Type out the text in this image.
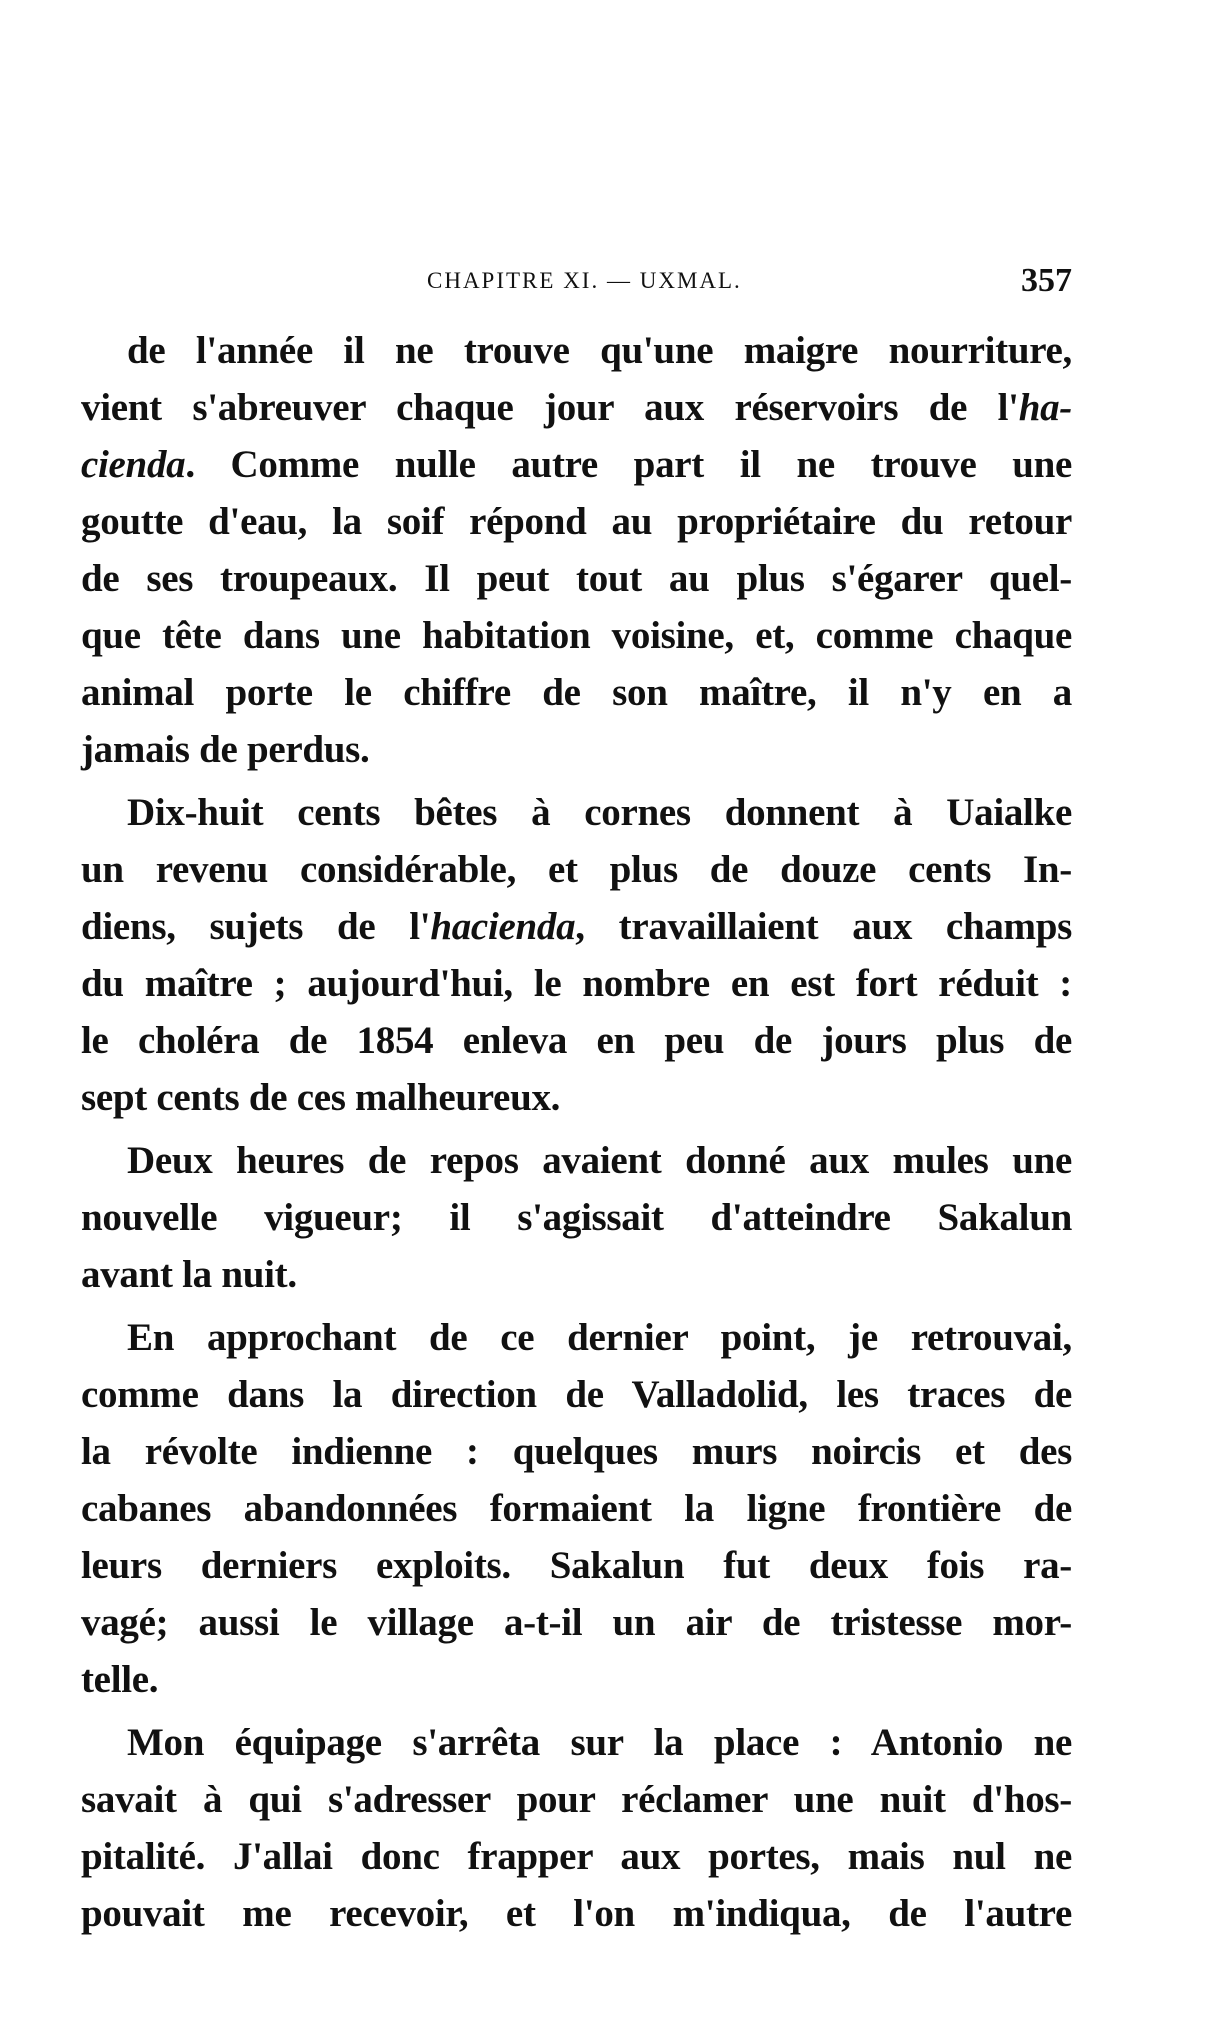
CHAPITRE XI. — UXMAL.	357
de l'année il ne trouve qu'une maigre nourriture,
vient s'abreuver chaque jour aux réservoirs de l'ha-
cienda. Comme nulle autre part il ne trouve une
goutte d'eau, la soif répond au propriétaire du retour
de ses troupeaux. Il peut tout au plus s'égarer quel-
que tête dans une habitation voisine, et, comme chaque
animal porte le chiffre de son maître, il n'y en a
jamais de perdus.
Dix-huit cents bêtes à cornes donnent à Uaialke
un revenu considérable, et plus de douze cents In-
diens, sujets de l'hacienda, travaillaient aux champs
du maître ; aujourd'hui, le nombre en est fort réduit :
le choléra de 1854 enleva en peu de jours plus de
sept cents de ces malheureux.
Deux heures de repos avaient donné aux mules une
nouvelle vigueur; il s'agissait d'atteindre Sakalun
avant la nuit.
En approchant de ce dernier point, je retrouvai,
comme dans la direction de Valladolid, les traces de
la révolte indienne : quelques murs noircis et des
cabanes abandonnées formaient la ligne frontière de
leurs derniers exploits. Sakalun fut deux fois ra-
vagé; aussi le village a-t-il un air de tristesse mor-
telle.
Mon équipage s'arrêta sur la place : Antonio ne
savait à qui s'adresser pour réclamer une nuit d'hos-
pitalité. J'allai donc frapper aux portes, mais nul ne
pouvait me recevoir, et l'on m'indiqua, de l'autre
